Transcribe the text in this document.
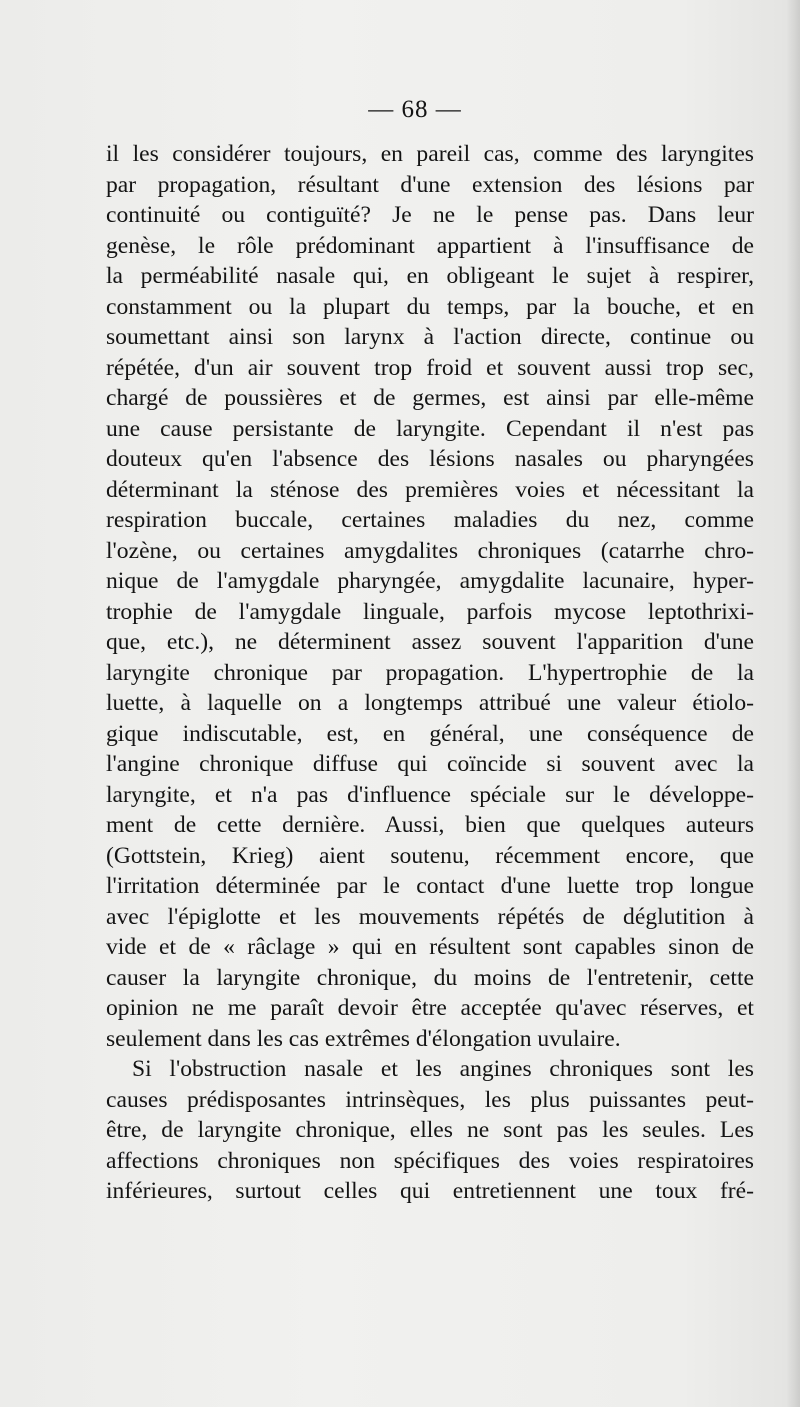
— 68 —
il les considérer toujours, en pareil cas, comme des laryngites
par propagation, résultant d'une extension des lésions par
continuité ou contiguïté? Je ne le pense pas. Dans leur
genèse, le rôle prédominant appartient à l'insuffisance de
la perméabilité nasale qui, en obligeant le sujet à respirer,
constamment ou la plupart du temps, par la bouche, et en
soumettant ainsi son larynx à l'action directe, continue ou
répétée, d'un air souvent trop froid et souvent aussi trop sec,
chargé de poussières et de germes, est ainsi par elle-même
une cause persistante de laryngite. Cependant il n'est pas
douteux qu'en l'absence des lésions nasales ou pharyngées
déterminant la sténose des premières voies et nécessitant la
respiration buccale, certaines maladies du nez, comme
l'ozène, ou certaines amygdalites chroniques (catarrhe chro-
nique de l'amygdale pharyngée, amygdalite lacunaire, hyper-
trophie de l'amygdale linguale, parfois mycose leptothrixi-
que, etc.), ne déterminent assez souvent l'apparition d'une
laryngite chronique par propagation. L'hypertrophie de la
luette, à laquelle on a longtemps attribué une valeur étiolo-
gique indiscutable, est, en général, une conséquence de
l'angine chronique diffuse qui coïncide si souvent avec la
laryngite, et n'a pas d'influence spéciale sur le développe-
ment de cette dernière. Aussi, bien que quelques auteurs
(Gottstein, Krieg) aient soutenu, récemment encore, que
l'irritation déterminée par le contact d'une luette trop longue
avec l'épiglotte et les mouvements répétés de déglutition à
vide et de « râclage » qui en résultent sont capables sinon de
causer la laryngite chronique, du moins de l'entretenir, cette
opinion ne me paraît devoir être acceptée qu'avec réserves, et
seulement dans les cas extrêmes d'élongation uvulaire.
Si l'obstruction nasale et les angines chroniques sont les
causes prédisposantes intrinsèques, les plus puissantes peut-
être, de laryngite chronique, elles ne sont pas les seules. Les
affections chroniques non spécifiques des voies respiratoires
inférieures, surtout celles qui entretiennent une toux fré-
